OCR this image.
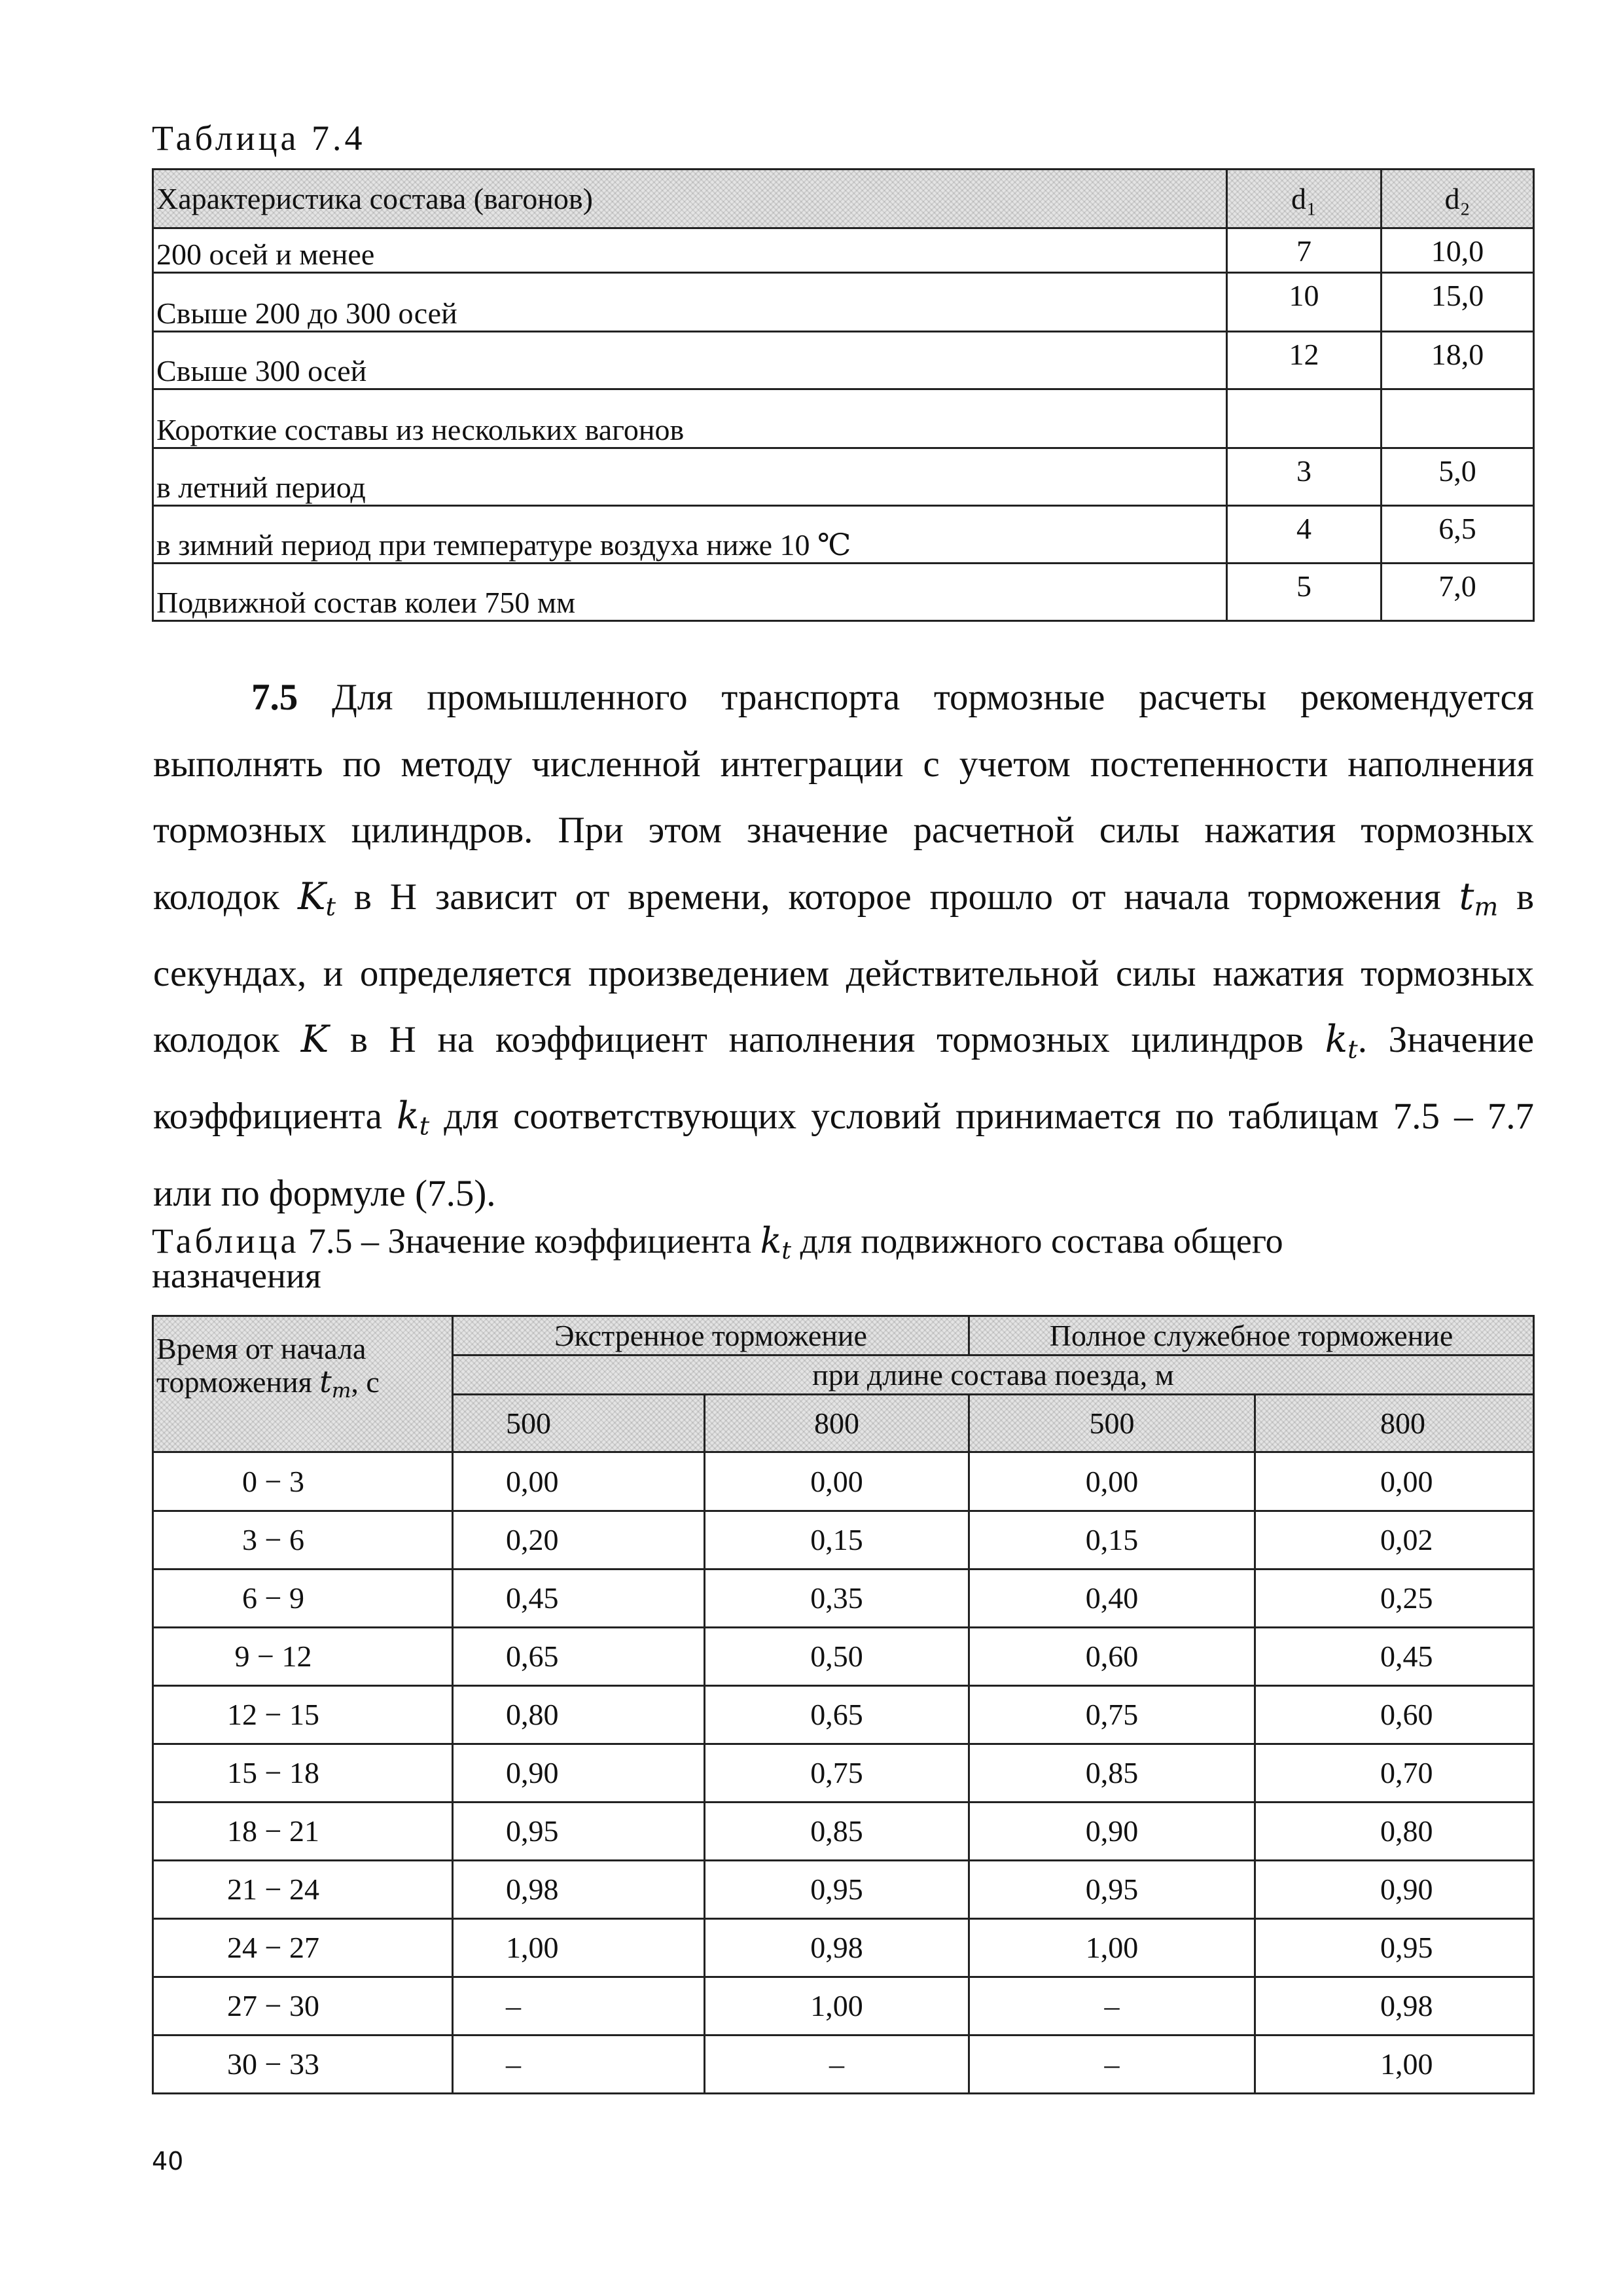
Таблица 7.4
Характеристика состава (вагонов)	d₁	d₂
200 осей и менее	7	10,0
Свыше 200 до 300 осей	10	15,0
Свыше 300 осей	12	18,0
Короткие составы из нескольких вагонов		
в летний период	3	5,0
в зимний период при температуре воздуха ниже 10 ℃	4	6,5
Подвижной состав колеи 750 мм	5	7,0

7.5 Для промышленного транспорта тормозные расчеты рекомендуется выполнять по методу численной интеграции с учетом постепенности наполнения тормозных цилиндров. При этом значение расчетной силы нажатия тормозных колодок $K_t$ в Н зависит от времени, которое прошло от начала торможения $t_m$ в секундах, и определяется произведением действительной силы нажатия тормозных колодок K в Н на коэффициент наполнения тормозных цилиндров $k_t$. Значение коэффициента $k_t$ для соответствующих условий принимается по таблицам 7.5 – 7.7 или по формуле (7.5).

Таблица 7.5 – Значение коэффициента $k_t$ для подвижного состава общего
назначения
Время от начала
торможения $t_m$, с	Экстренное торможение		Полное служебное торможение	
	при длине состава поезда, м			
	500	800	500	800
0 − 3	0,00	0,00	0,00	0,00
3 − 6	0,20	0,15	0,15	0,02
6 − 9	0,45	0,35	0,40	0,25
9 − 12	0,65	0,50	0,60	0,45
12 − 15	0,80	0,65	0,75	0,60
15 − 18	0,90	0,75	0,85	0,70
18 − 21	0,95	0,85	0,90	0,80
21 − 24	0,98	0,95	0,95	0,90
24 − 27	1,00	0,98	1,00	0,95
27 − 30	–	1,00	–	0,98
30 − 33	–	–	–	1,00
40
